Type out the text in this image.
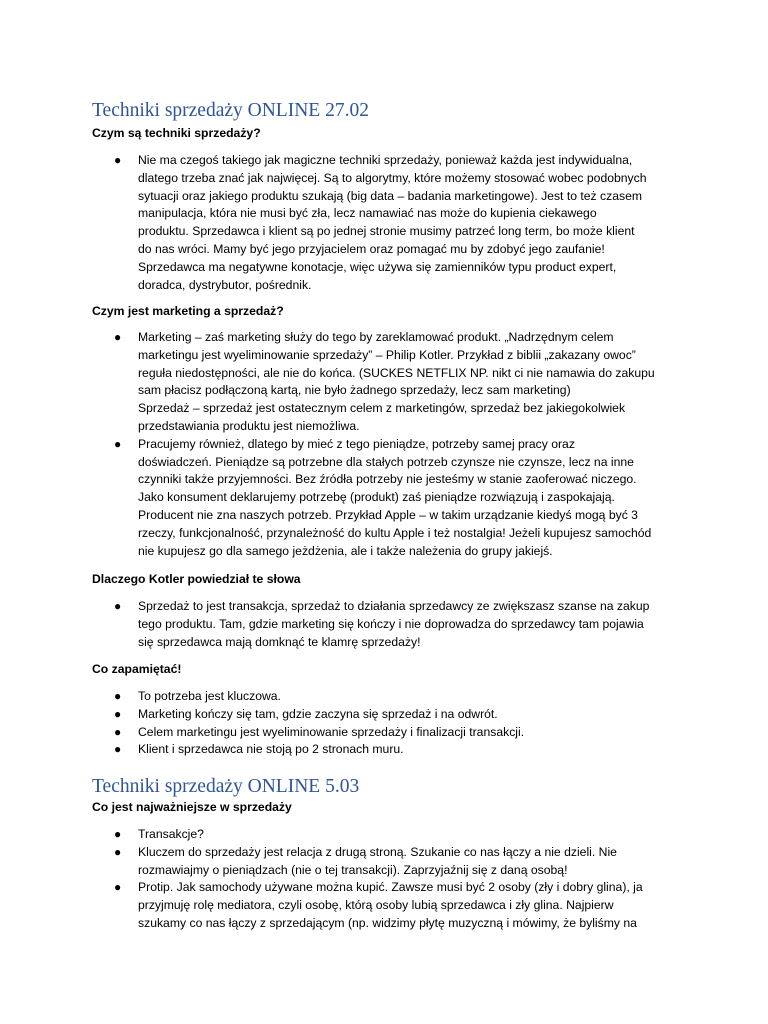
Techniki sprzedaży ONLINE 27.02
Czym są techniki sprzedaży?
●	Nie ma czegoś takiego jak magiczne techniki sprzedaży, ponieważ każda jest indywidualna,
dlatego trzeba znać jak najwięcej. Są to algorytmy, które możemy stosować wobec podobnych
sytuacji oraz jakiego produktu szukają (big data – badania marketingowe). Jest to też czasem
manipulacja, która nie musi być zła, lecz namawiać nas może do kupienia ciekawego
produktu. Sprzedawca i klient są po jednej stronie musimy patrzeć long term, bo może klient
do nas wróci. Mamy być jego przyjacielem oraz pomagać mu by zdobyć jego zaufanie!
Sprzedawca ma negatywne konotacje, więc używa się zamienników typu product expert,
doradca, dystrybutor, pośrednik.
Czym jest marketing a sprzedaż?
●	Marketing – zaś marketing służy do tego by zareklamować produkt. „Nadrzędnym celem
marketingu jest wyeliminowanie sprzedaży” – Philip Kotler. Przykład z biblii „zakazany owoc”
reguła niedostępności, ale nie do końca. (SUCKES NETFLIX NP. nikt ci nie namawia do zakupu
sam płacisz podłączoną kartą, nie było żadnego sprzedaży, lecz sam marketing)
Sprzedaż – sprzedaż jest ostatecznym celem z marketingów, sprzedaż bez jakiegokolwiek
przedstawiania produktu jest niemożliwa.
●	Pracujemy również, dlatego by mieć z tego pieniądze, potrzeby samej pracy oraz
doświadczeń. Pieniądze są potrzebne dla stałych potrzeb czynsze nie czynsze, lecz na inne
czynniki także przyjemności. Bez źródła potrzeby nie jesteśmy w stanie zaoferować niczego.
Jako konsument deklarujemy potrzebę (produkt) zaś pieniądze rozwiązują i zaspokajają.
Producent nie zna naszych potrzeb. Przykład Apple – w takim urządzanie kiedyś mogą być 3
rzeczy, funkcjonalność, przynależność do kultu Apple i też nostalgia! Jeżeli kupujesz samochód
nie kupujesz go dla samego jeżdżenia, ale i także należenia do grupy jakiejś.
Dlaczego Kotler powiedział te słowa
●	Sprzedaż to jest transakcja, sprzedaż to działania sprzedawcy ze zwiększasz szanse na zakup
tego produktu. Tam, gdzie marketing się kończy i nie doprowadza do sprzedawcy tam pojawia
się sprzedawca mają domknąć te klamrę sprzedaży!
Co zapamiętać!
●	To potrzeba jest kluczowa.
●	Marketing kończy się tam, gdzie zaczyna się sprzedaż i na odwrót.
●	Celem marketingu jest wyeliminowanie sprzedaży i finalizacji transakcji.
●	Klient i sprzedawca nie stoją po 2 stronach muru.
Techniki sprzedaży ONLINE 5.03
Co jest najważniejsze w sprzedaży
●	Transakcje?
●	Kluczem do sprzedaży jest relacja z drugą stroną. Szukanie co nas łączy a nie dzieli. Nie
rozmawiajmy o pieniądzach (nie o tej transakcji). Zaprzyjaźnij się z daną osobą!
●	Protip. Jak samochody używane można kupić. Zawsze musi być 2 osoby (zły i dobry glina), ja
przyjmuję rolę mediatora, czyli osobę, którą osoby lubią sprzedawca i zły glina. Najpierw
szukamy co nas łączy z sprzedającym (np. widzimy płytę muzyczną i mówimy, że byliśmy na
